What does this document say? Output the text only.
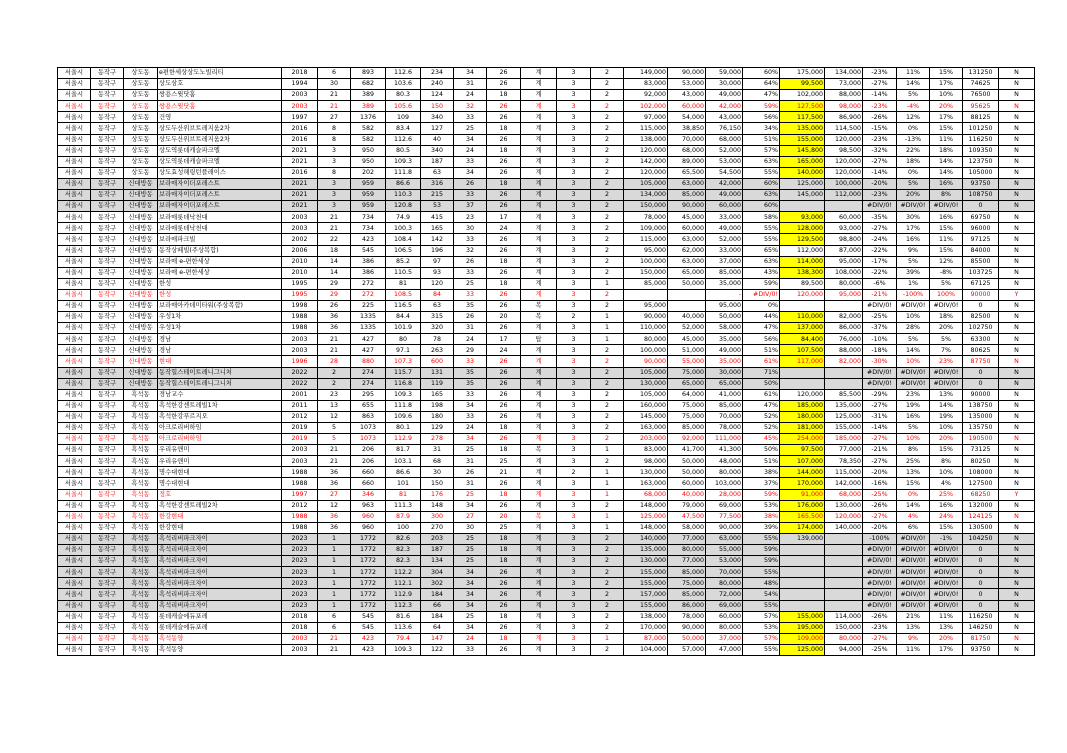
서울시	동작구	상도동	e편한세상상도노빌리티	2018	6	893	112.6	234	34	26	계	3	2	149,000	90,000	59,000	60%	175,000	134,000	-23%	11%	15%	131250	N
서울시	동작구	상도동	상도삼호	1994	30	682	103.6	240	31	26	계	3	2	83,000	53,000	30,000	64%	99,500	73,000	-27%	14%	17%	74625	N
서울시	동작구	상도동	쌍용스윗닷홈	2003	21	389	80.3	124	24	18	계	3	2	92,000	43,000	49,000	47%	102,000	88,000	-14%	5%	10%	76500	N
서울시	동작구	상도동	쌍용스윗닷홈	2003	21	389	105.6	150	32	26	계	3	2	102,000	60,000	42,000	59%	127,500	98,000	-23%	-4%	20%	95625	N
서울시	동작구	상도동	건영	1997	27	1376	109	340	33	26	계	3	2	97,000	54,000	43,000	56%	117,500	86,900	-26%	12%	17%	88125	N
서울시	동작구	상도동	상도두산위브트레지움2차	2016	8	582	83.4	127	25	18	계	3	2	115,000	38,850	76,150	34%	135,000	114,500	-15%	0%	15%	101250	N
서울시	동작구	상도동	상도두산위브트레지움2차	2016	8	582	112.6	40	34	26	계	3	2	138,000	70,000	68,000	51%	155,000	120,000	-23%	-13%	11%	116250	N
서울시	동작구	상도동	상도역롯데캐슬파크엘	2021	3	950	80.5	340	24	18	계	3	2	120,000	68,000	52,000	57%	145,800	98,500	-32%	22%	18%	109350	N
서울시	동작구	상도동	상도역롯데캐슬파크엘	2021	3	950	109.3	187	33	26	계	3	2	142,000	89,000	53,000	63%	165,000	120,000	-27%	18%	14%	123750	N
서울시	동작구	상도동	상도효성해링턴플레이스	2016	8	202	111.8	63	34	26	계	3	2	120,000	65,500	54,500	55%	140,000	120,000	-14%	0%	14%	105000	N
서울시	동작구	신대방동	보라매자이더포레스트	2021	3	959	86.6	316	26	18	계	3	2	105,000	63,000	42,000	60%	125,000	100,000	-20%	5%	16%	93750	N
서울시	동작구	신대방동	보라매자이더포레스트	2021	3	959	110.3	215	33	26	계	3	2	134,000	85,000	49,000	63%	145,000	112,000	-23%	20%	8%	108750	N
서울시	동작구	신대방동	보라매자이더포레스트	2021	3	959	120.8	53	37	26	계	3	2	150,000	90,000	60,000	60%			#DIV/0!	#DIV/0!	#DIV/0!	0	N
서울시	동작구	신대방동	보라매롯데낙천대	2003	21	734	74.9	415	23	17	계	3	2	78,000	45,000	33,000	58%	93,000	60,000	-35%	30%	16%	69750	N
서울시	동작구	신대방동	보라매롯데낙천대	2003	21	734	100.3	165	30	24	계	3	2	109,000	60,000	49,000	55%	128,000	93,000	-27%	17%	15%	96000	N
서울시	동작구	신대방동	보라매파크빌	2002	22	423	108.4	142	33	26	계	3	2	115,000	63,000	52,000	55%	129,500	98,800	-24%	16%	11%	97125	N
서울시	동작구	신대방동	동작상떼빌(주상복합)	2006	18	545	106.5	196	32	26	계	3	2	95,000	62,000	33,000	65%	112,000	87,000	-22%	9%	15%	84000	N
서울시	동작구	신대방동	보라매 e-편한세상	2010	14	386	85.2	97	26	18	계	3	2	100,000	63,000	37,000	63%	114,000	95,000	-17%	5%	12%	85500	N
서울시	동작구	신대방동	보라매 e-편한세상	2010	14	386	110.5	93	33	26	계	3	2	150,000	65,000	85,000	43%	138,300	108,000	-22%	39%	-8%	103725	N
서울시	동작구	신대방동	한성	1995	29	272	81	120	25	18	계	3	1	85,000	50,000	35,000	59%	89,500	80,000	-6%	1%	5%	67125	N
서울시	동작구	신대방동	한성	1995	29	272	108.5	84	33	26	계	3	2			-	#DIV/0!	120,000	95,000	-21%	-100%	100%	90000	Y
서울시	동작구	신대방동	보라매아카데미타워(주상복합)	1998	26	225	116.5	63	35	26	복	3	2	95,000		95,000	0%			#DIV/0!	#DIV/0!	#DIV/0!	0	N
서울시	동작구	신대방동	우성1차	1988	36	1335	84.4	315	26	20	복	2	1	90,000	40,000	50,000	44%	110,000	82,000	-25%	10%	18%	82500	N
서울시	동작구	신대방동	우성1차	1988	36	1335	101.9	320	31	26	계	3	1	110,000	52,000	58,000	47%	137,000	86,000	-37%	28%	20%	102750	N
서울시	동작구	신대방동	경남	2003	21	427	80	78	24	17	탑	3	1	80,000	45,000	35,000	56%	84,400	76,000	-10%	5%	5%	63300	N
서울시	동작구	신대방동	경남	2003	21	427	97.1	263	29	24	계	3	2	100,000	51,000	49,000	51%	107,500	88,000	-18%	14%	7%	80625	N
서울시	동작구	신대방동	현대	1996	28	880	107.3	600	33	26	계	3	2	90,000	55,000	35,000	61%	117,000	82,000	-30%	10%	23%	87750	N
서울시	동작구	신대방동	동작힐스테이트레니그니처	2022	2	274	115.7	131	35	26	계	3	2	105,000	75,000	30,000	71%			#DIV/0!	#DIV/0!	#DIV/0!	0	N
서울시	동작구	신대방동	동작힐스테이트레니그니처	2022	2	274	116.8	119	35	26	계	3	2	130,000	65,000	65,000	50%			#DIV/0!	#DIV/0!	#DIV/0!	0	N
서울시	동작구	흑석동	경남교수	2001	23	295	109.3	165	33	26	계	3	2	105,000	64,000	41,000	61%	120,000	85,500	-29%	23%	13%	90000	N
서울시	동작구	흑석동	흑석한강센트레빌1차	2011	13	655	111.8	198	34	26	계	3	2	160,000	75,000	85,000	47%	185,000	135,000	-27%	19%	14%	138750	N
서울시	동작구	흑석동	흑석한강푸르지오	2012	12	863	109.6	180	33	26	계	3	2	145,000	75,000	70,000	52%	180,000	125,000	-31%	16%	19%	135000	N
서울시	동작구	흑석동	아크로리버하임	2019	5	1073	80.1	129	24	18	계	3	2	163,000	85,000	78,000	52%	181,000	155,000	-14%	5%	10%	135750	N
서울시	동작구	흑석동	아크로리버하임	2019	5	1073	112.9	278	34	26	계	3	2	203,000	92,000	111,000	45%	254,000	185,000	-27%	10%	20%	190500	N
서울시	동작구	흑석동	우리유앤미	2003	21	206	81.7	31	25	18	복	3	1	83,000	41,700	41,300	50%	97,500	77,000	-21%	8%	15%	73125	N
서울시	동작구	흑석동	우리유앤미	2003	21	206	103.1	68	31	25	계	3	2	98,000	50,000	48,000	51%	107,000	78,350	-27%	25%	8%	80250	N
서울시	동작구	흑석동	명수대현대	1988	36	660	86.6	30	26	21	계	2	1	130,000	50,000	80,000	38%	144,000	115,000	-20%	13%	10%	108000	N
서울시	동작구	흑석동	명수대현대	1988	36	660	101	150	31	26	계	3	1	163,000	60,000	103,000	37%	170,000	142,000	-16%	15%	4%	127500	N
서울시	동작구	흑석동	정호	1997	27	346	81	176	25	18	계	3	1	68,000	40,000	28,000	59%	91,000	68,000	-25%	0%	25%	68250	Y
서울시	동작구	흑석동	흑석한강센트레빌2차	2012	12	963	111.3	148	34	26	계	3	2	148,000	79,000	69,000	53%	176,000	130,000	-26%	14%	16%	132000	N
서울시	동작구	흑석동	한강현대	1988	36	960	87.9	300	27	20	복	3	1	125,000	47,500	77,500	38%	165,500	120,000	-27%	4%	24%	124125	N
서울시	동작구	흑석동	한강현대	1988	36	960	100	270	30	25	계	3	1	148,000	58,000	90,000	39%	174,000	140,000	-20%	6%	15%	130500	N
서울시	동작구	흑석동	흑석리버파크자이	2023	1	1772	82.6	203	25	18	계	3	2	140,000	77,000	63,000	55%	139,000		-100%	#DIV/0!	-1%	104250	N
서울시	동작구	흑석동	흑석리버파크자이	2023	1	1772	82.3	187	25	18	계	3	2	135,000	80,000	55,000	59%			#DIV/0!	#DIV/0!	#DIV/0!	0	N
서울시	동작구	흑석동	흑석리버파크자이	2023	1	1772	82.3	134	25	18	계	3	2	130,000	77,000	53,000	59%			#DIV/0!	#DIV/0!	#DIV/0!	0	N
서울시	동작구	흑석동	흑석리버파크자이	2023	1	1772	112.2	304	34	26	계	3	2	155,000	85,000	70,000	55%			#DIV/0!	#DIV/0!	#DIV/0!	0	N
서울시	동작구	흑석동	흑석리버파크자이	2023	1	1772	112.1	302	34	26	계	3	2	155,000	75,000	80,000	48%			#DIV/0!	#DIV/0!	#DIV/0!	0	N
서울시	동작구	흑석동	흑석리버파크자이	2023	1	1772	112.9	184	34	26	계	3	2	157,000	85,000	72,000	54%			#DIV/0!	#DIV/0!	#DIV/0!	0	N
서울시	동작구	흑석동	흑석리버파크자이	2023	1	1772	112.3	66	34	26	계	3	2	155,000	86,000	69,000	55%			#DIV/0!	#DIV/0!	#DIV/0!	0	N
서울시	동작구	흑석동	롯데캐슬에듀포레	2018	6	545	81.6	184	25	18	계	3	2	138,000	78,000	60,000	57%	155,000	114,000	-26%	21%	11%	116250	N
서울시	동작구	흑석동	롯데캐슬에듀포레	2018	6	545	113.6	64	34	26	계	3	2	170,000	90,000	80,000	53%	195,000	150,000	-23%	13%	13%	146250	N
서울시	동작구	흑석동	흑석동양	2003	21	423	79.4	147	24	18	계	3	1	87,000	50,000	37,000	57%	109,000	80,000	-27%	9%	20%	81750	N
서울시	동작구	흑석동	흑석동양	2003	21	423	109.3	122	33	26	계	3	2	104,000	57,000	47,000	55%	125,000	94,000	-25%	11%	17%	93750	N
